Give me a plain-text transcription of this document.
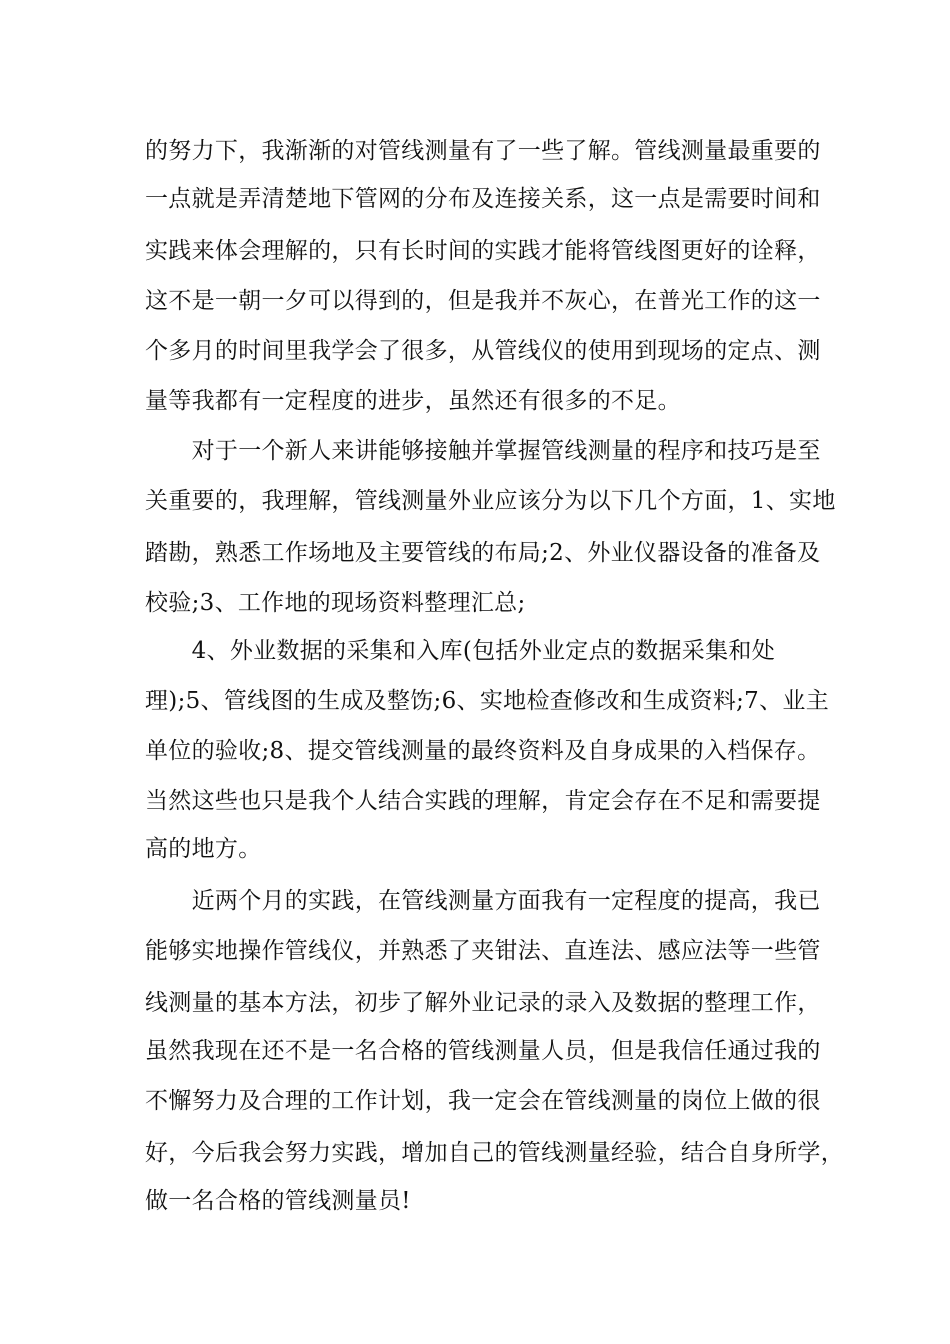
的努力下，我渐渐的对管线测量有了一些了解。管线测量最重要的
一点就是弄清楚地下管网的分布及连接关系，这一点是需要时间和
实践来体会理解的，只有长时间的实践才能将管线图更好的诠释，
这不是一朝一夕可以得到的，但是我并不灰心，在普光工作的这一
个多月的时间里我学会了很多，从管线仪的使用到现场的定点、测
量等我都有一定程度的进步，虽然还有很多的不足。
　　对于一个新人来讲能够接触并掌握管线测量的程序和技巧是至
关重要的，我理解，管线测量外业应该分为以下几个方面，1、实地
踏勘，熟悉工作场地及主要管线的布局;2、外业仪器设备的准备及
校验;3、工作地的现场资料整理汇总;
　　4、外业数据的采集和入库(包括外业定点的数据采集和处
理);5、管线图的生成及整饬;6、实地检查修改和生成资料;7、业主
单位的验收;8、提交管线测量的最终资料及自身成果的入档保存。
当然这些也只是我个人结合实践的理解，肯定会存在不足和需要提
高的地方。
　　近两个月的实践，在管线测量方面我有一定程度的提高，我已
能够实地操作管线仪，并熟悉了夹钳法、直连法、感应法等一些管
线测量的基本方法，初步了解外业记录的录入及数据的整理工作，
虽然我现在还不是一名合格的管线测量人员，但是我信任通过我的
不懈努力及合理的工作计划，我一定会在管线测量的岗位上做的很
好，今后我会努力实践，增加自己的管线测量经验，结合自身所学，
做一名合格的管线测量员!
